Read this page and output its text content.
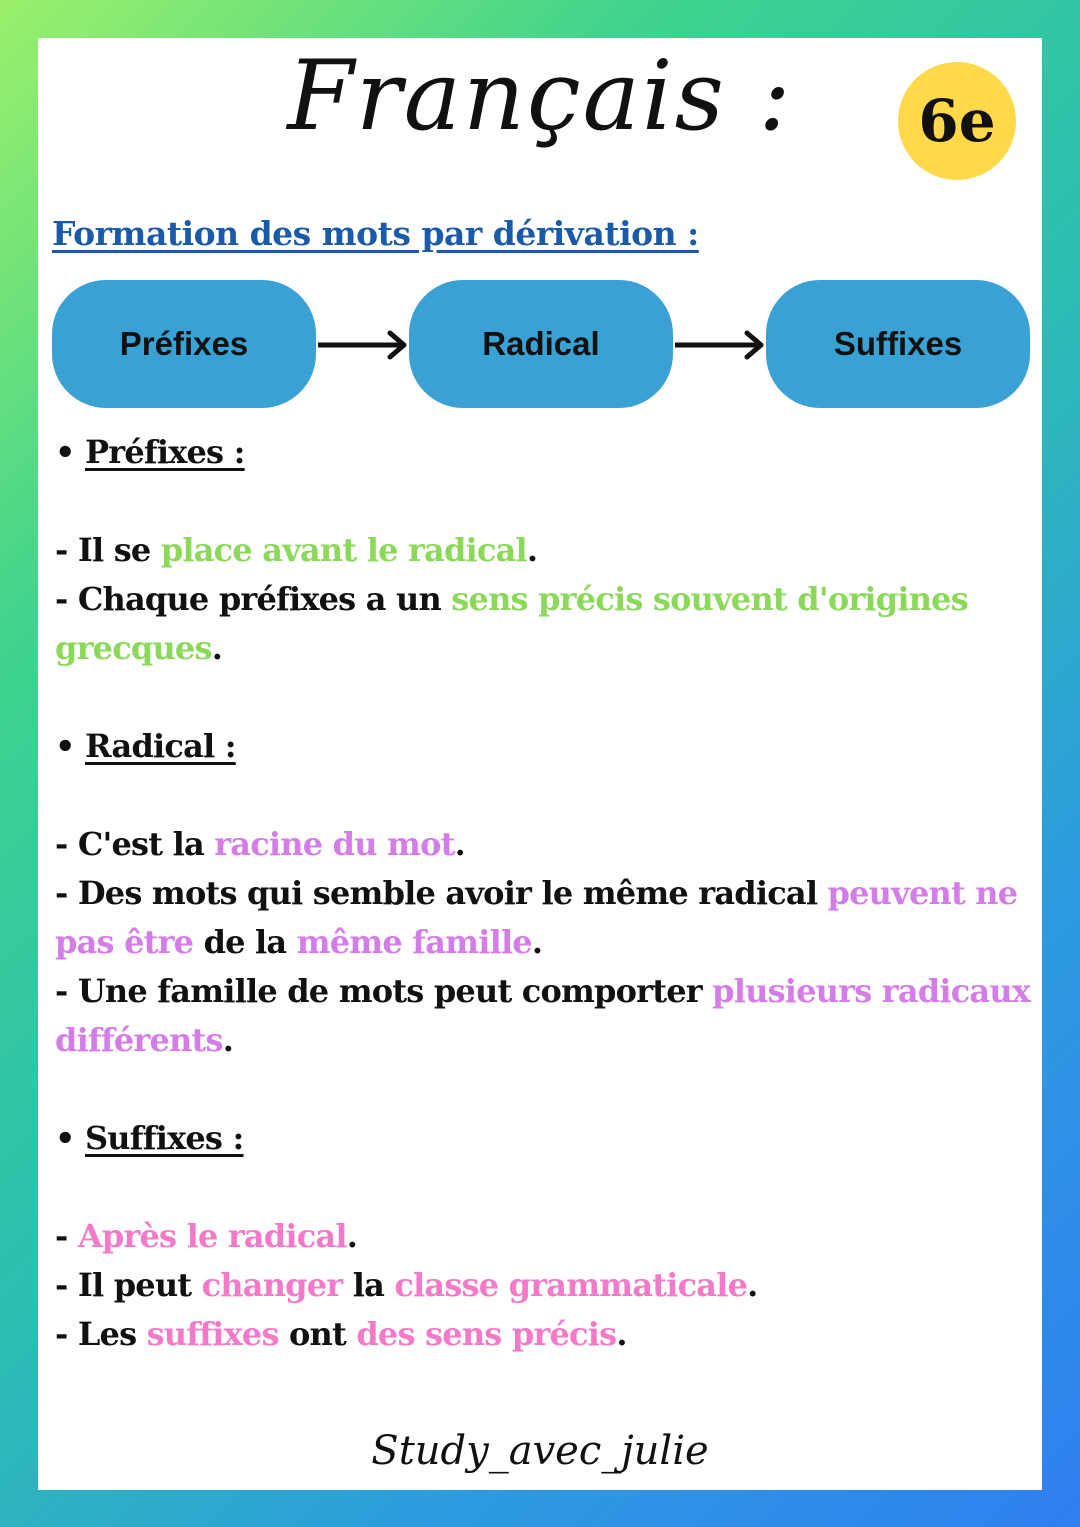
Français :	6e
Formation des mots par dérivation :
Préfixes	Radical	Suffixes
• Préfixes :
- Il se place avant le radical.
- Chaque préfixes a un sens précis souvent d'origines grecques.
• Radical :
- C'est la racine du mot.
- Des mots qui semble avoir le même radical peuvent ne pas être de la même famille.
- Une famille de mots peut comporter plusieurs radicaux différents.
• Suffixes :
- Après le radical.
- Il peut changer la classe grammaticale.
- Les suffixes ont des sens précis.
Study_avec_julie
